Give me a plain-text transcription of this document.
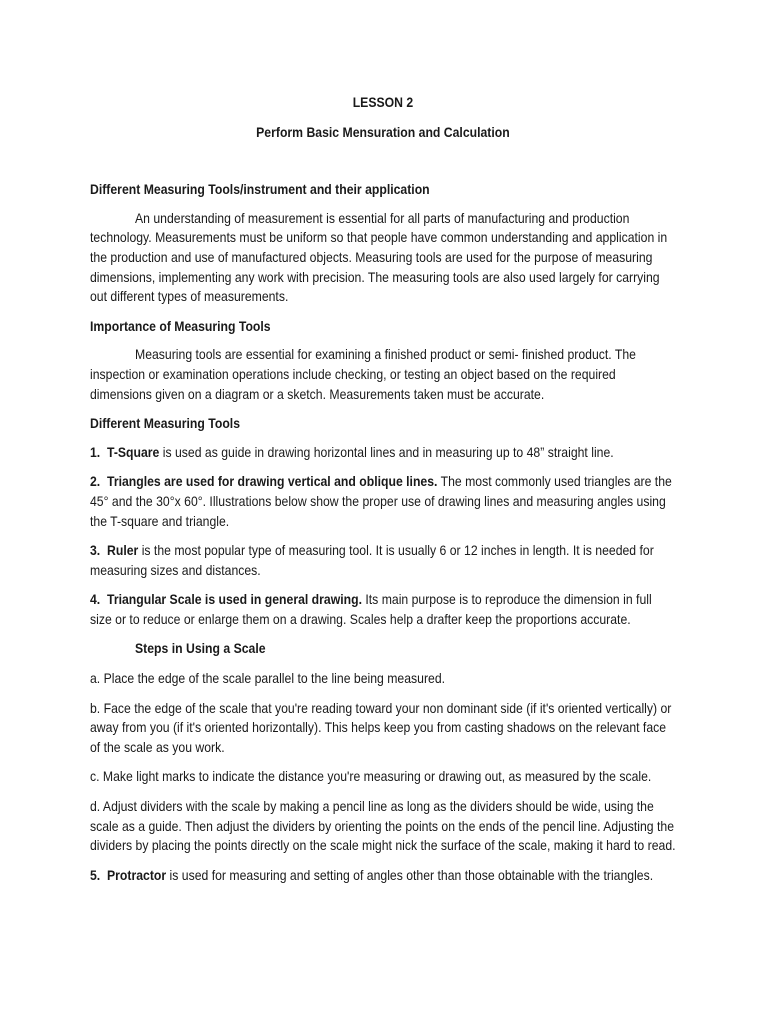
LESSON 2

Perform Basic Mensuration and Calculation

Different Measuring Tools/instrument and their application

An understanding of measurement is essential for all parts of manufacturing and production technology. Measurements must be uniform so that people have common understanding and application in the production and use of manufactured objects. Measuring tools are used for the purpose of measuring dimensions, implementing any work with precision. The measuring tools are also used largely for carrying out different types of measurements.

Importance of Measuring Tools

Measuring tools are essential for examining a finished product or semi- finished product. The inspection or examination operations include checking, or testing an object based on the required dimensions given on a diagram or a sketch. Measurements taken must be accurate.

Different Measuring Tools

1. T-Square is used as guide in drawing horizontal lines and in measuring up to 48” straight line.

2. Triangles are used for drawing vertical and oblique lines. The most commonly used triangles are the 45° and the 30°x 60°. Illustrations below show the proper use of drawing lines and measuring angles using the T-square and triangle.

3. Ruler is the most popular type of measuring tool. It is usually 6 or 12 inches in length. It is needed for measuring sizes and distances.

4. Triangular Scale is used in general drawing. Its main purpose is to reproduce the dimension in full size or to reduce or enlarge them on a drawing. Scales help a drafter keep the proportions accurate.

Steps in Using a Scale

a. Place the edge of the scale parallel to the line being measured.

b. Face the edge of the scale that you're reading toward your non dominant side (if it's oriented vertically) or away from you (if it's oriented horizontally). This helps keep you from casting shadows on the relevant face of the scale as you work.

c. Make light marks to indicate the distance you're measuring or drawing out, as measured by the scale.

d. Adjust dividers with the scale by making a pencil line as long as the dividers should be wide, using the scale as a guide. Then adjust the dividers by orienting the points on the ends of the pencil line. Adjusting the dividers by placing the points directly on the scale might nick the surface of the scale, making it hard to read.

5. Protractor is used for measuring and setting of angles other than those obtainable with the triangles.
